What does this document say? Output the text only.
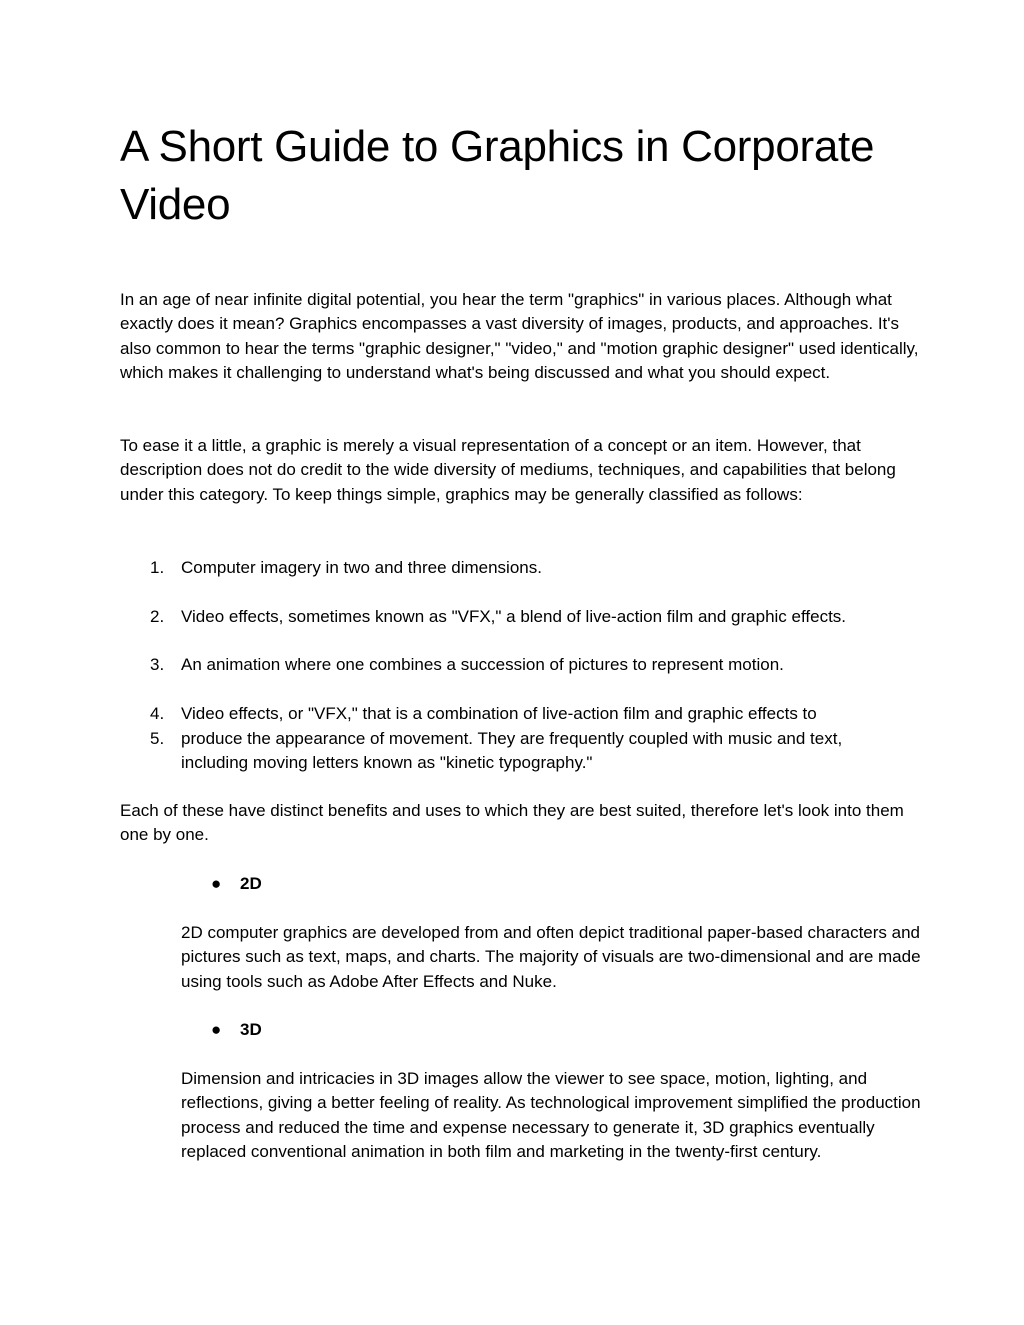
A Short Guide to Graphics in Corporate Video

In an age of near infinite digital potential, you hear the term "graphics" in various places. Although what exactly does it mean? Graphics encompasses a vast diversity of images, products, and approaches. It's also common to hear the terms "graphic designer," "video," and "motion graphic designer" used identically, which makes it challenging to understand what's being discussed and what you should expect.

To ease it a little, a graphic is merely a visual representation of a concept or an item. However, that description does not do credit to the wide diversity of mediums, techniques, and capabilities that belong under this category. To keep things simple, graphics may be generally classified as follows:

1. Computer imagery in two and three dimensions.
2. Video effects, sometimes known as "VFX," a blend of live-action film and graphic effects.
3. An animation where one combines a succession of pictures to represent motion.
4. Video effects, or "VFX," that is a combination of live-action film and graphic effects to
5. produce the appearance of movement. They are frequently coupled with music and text, including moving letters known as "kinetic typography."

Each of these have distinct benefits and uses to which they are best suited, therefore let's look into them one by one.

● 2D

2D computer graphics are developed from and often depict traditional paper-based characters and pictures such as text, maps, and charts. The majority of visuals are two-dimensional and are made using tools such as Adobe After Effects and Nuke.

● 3D

Dimension and intricacies in 3D images allow the viewer to see space, motion, lighting, and reflections, giving a better feeling of reality. As technological improvement simplified the production process and reduced the time and expense necessary to generate it, 3D graphics eventually replaced conventional animation in both film and marketing in the twenty-first century.
